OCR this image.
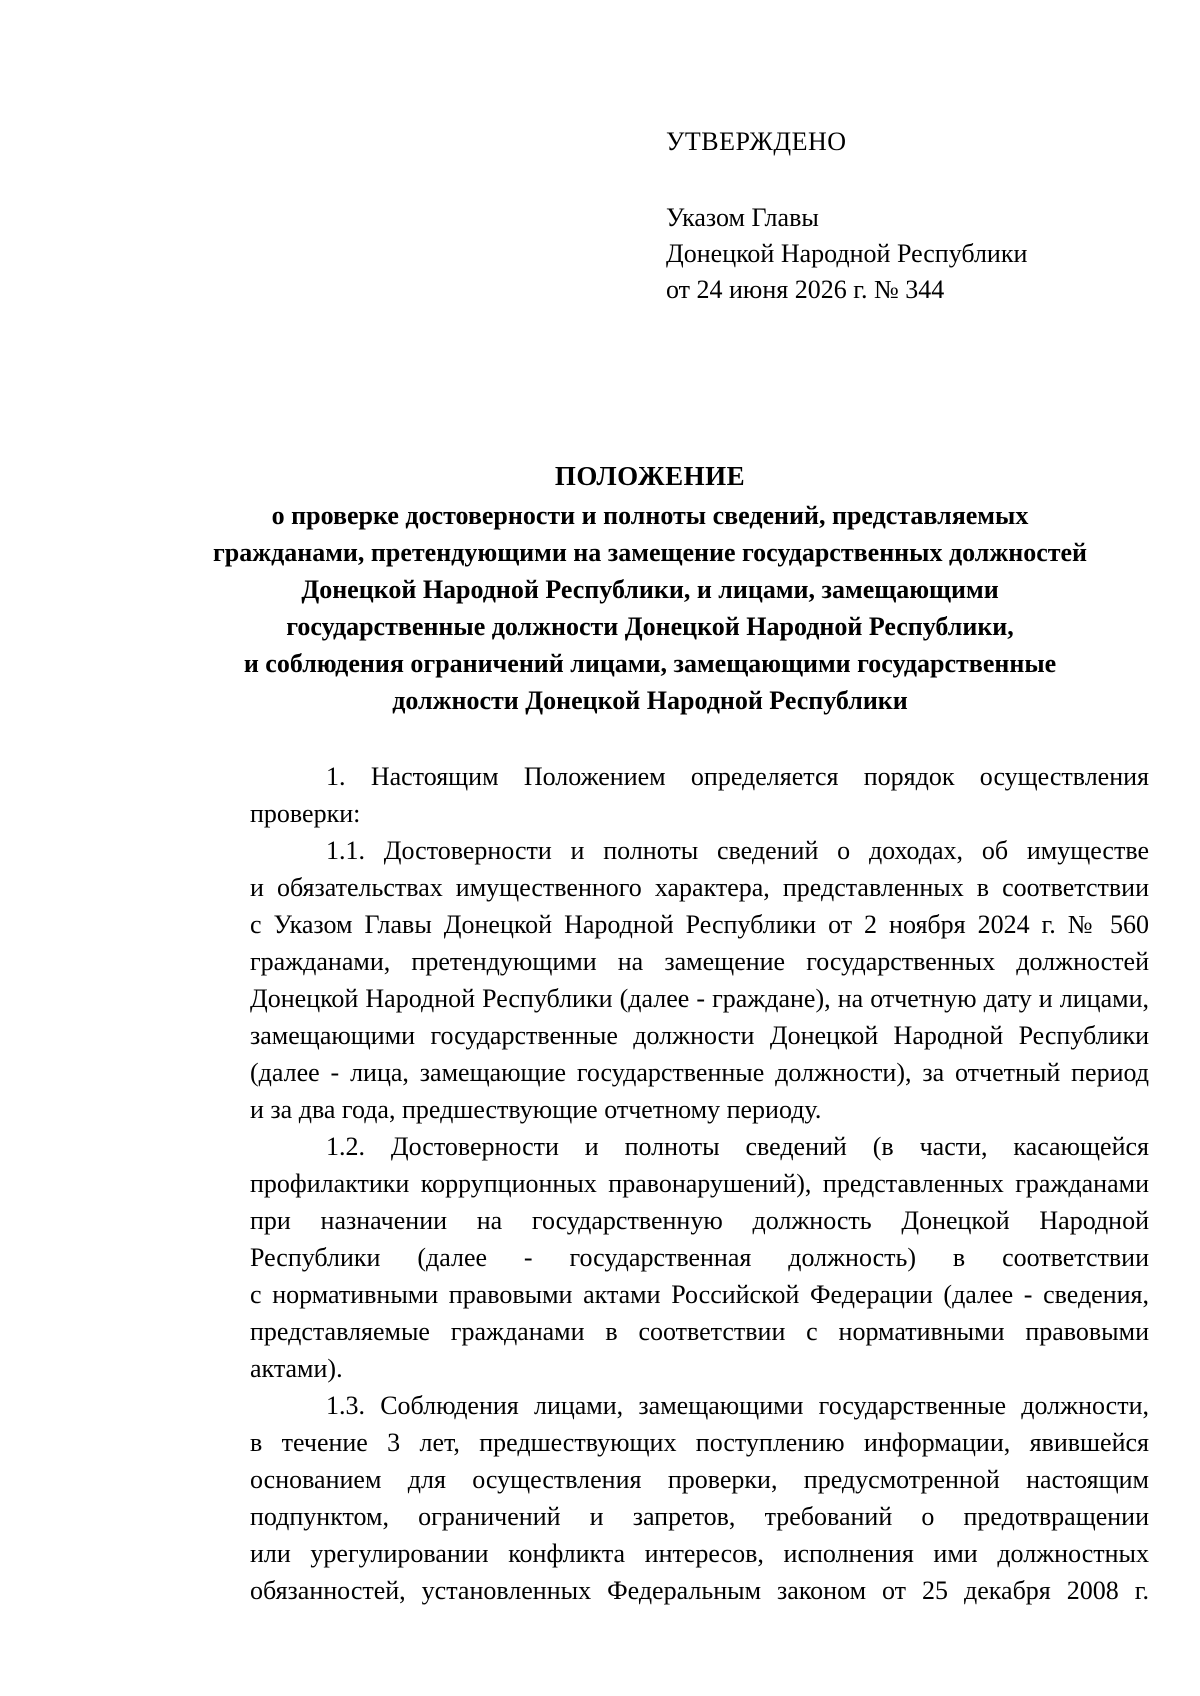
УТВЕРЖДЕНО
Указом Главы
Донецкой Народной Республики
от 24 июня 2026 г. № 344
ПОЛОЖЕНИЕ
о проверке достоверности и полноты сведений, представляемых
гражданами, претендующими на замещение государственных должностей
Донецкой Народной Республики, и лицами, замещающими
государственные должности Донецкой Народной Республики,
и соблюдения ограничений лицами, замещающими государственные
должности Донецкой Народной Республики
1. Настоящим Положением определяется порядок осуществления
проверки:
1.1. Достоверности и полноты сведений о доходах, об имуществе
и обязательствах имущественного характера, представленных в соответствии
с Указом Главы Донецкой Народной Республики от 2 ноября 2024 г. № 560
гражданами, претендующими на замещение государственных должностей
Донецкой Народной Республики (далее - граждане), на отчетную дату и лицами,
замещающими государственные должности Донецкой Народной Республики
(далее - лица, замещающие государственные должности), за отчетный период
и за два года, предшествующие отчетному периоду.
1.2. Достоверности и полноты сведений (в части, касающейся
профилактики коррупционных правонарушений), представленных гражданами
при назначении на государственную должность Донецкой Народной
Республики (далее - государственная должность) в соответствии
с нормативными правовыми актами Российской Федерации (далее - сведения,
представляемые гражданами в соответствии с нормативными правовыми
актами).
1.3. Соблюдения лицами, замещающими государственные должности,
в течение 3 лет, предшествующих поступлению информации, явившейся
основанием для осуществления проверки, предусмотренной настоящим
подпунктом, ограничений и запретов, требований о предотвращении
или урегулировании конфликта интересов, исполнения ими должностных
обязанностей, установленных Федеральным законом от 25 декабря 2008 г.
